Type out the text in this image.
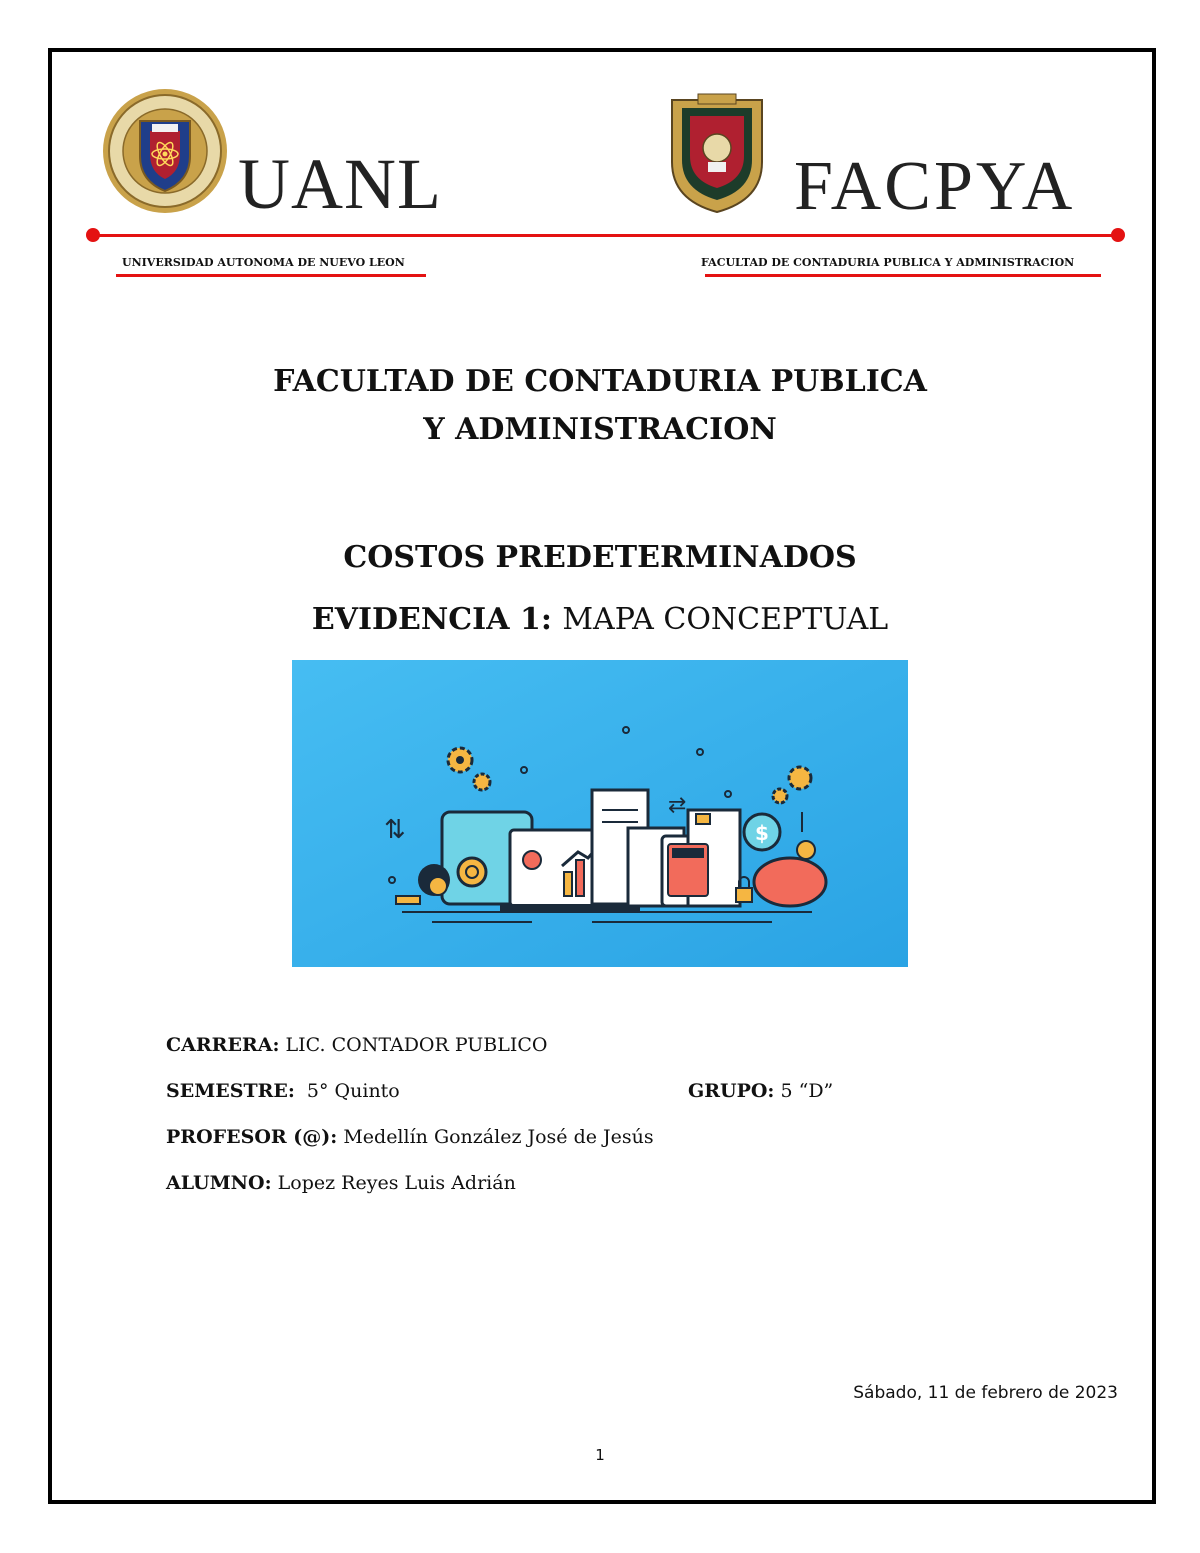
UANL	FACPYA
UNIVERSIDAD AUTONOMA DE NUEVO LEON	FACULTAD DE CONTADURIA PUBLICA Y ADMINISTRACION
FACULTAD DE CONTADURIA PUBLICA
Y ADMINISTRACION
COSTOS PREDETERMINADOS
EVIDENCIA 1: MAPA CONCEPTUAL
$
⇅
⇄
CARRERA: LIC. CONTADOR PUBLICO
SEMESTRE: 5° Quinto	GRUPO: 5 “D”
PROFESOR (@): Medellín González José de Jesús
ALUMNO: Lopez Reyes Luis Adrián
Sábado, 11 de febrero de 2023
1
